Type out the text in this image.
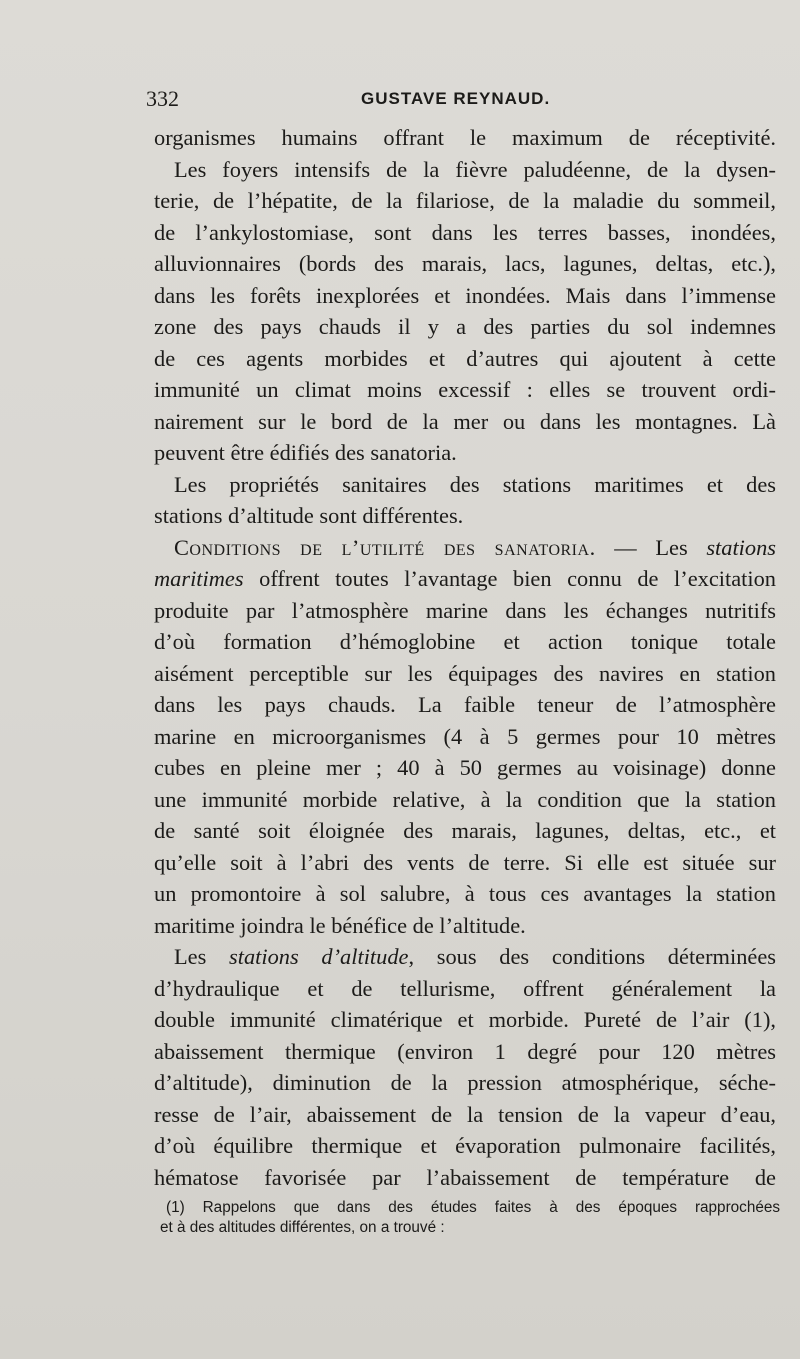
332	GUSTAVE REYNAUD.
organismes humains offrant le maximum de réceptivité.
Les foyers intensifs de la fièvre paludéenne, de la dysen-
terie, de l’hépatite, de la filariose, de la maladie du sommeil,
de l’ankylostomiase, sont dans les terres basses, inondées,
alluvionnaires (bords des marais, lacs, lagunes, deltas, etc.),
dans les forêts inexplorées et inondées. Mais dans l’immense
zone des pays chauds il y a des parties du sol indemnes
de ces agents morbides et d’autres qui ajoutent à cette
immunité un climat moins excessif : elles se trouvent ordi-
nairement sur le bord de la mer ou dans les montagnes. Là
peuvent être édifiés des sanatoria.
Les propriétés sanitaires des stations maritimes et des
stations d’altitude sont différentes.
Conditions de l’utilité des sanatoria. — Les stations
maritimes offrent toutes l’avantage bien connu de l’excitation
produite par l’atmosphère marine dans les échanges nutritifs
d’où formation d’hémoglobine et action tonique totale
aisément perceptible sur les équipages des navires en station
dans les pays chauds. La faible teneur de l’atmosphère
marine en microorganismes (4 à 5 germes pour 10 mètres
cubes en pleine mer ; 40 à 50 germes au voisinage) donne
une immunité morbide relative, à la condition que la station
de santé soit éloignée des marais, lagunes, deltas, etc., et
qu’elle soit à l’abri des vents de terre. Si elle est située sur
un promontoire à sol salubre, à tous ces avantages la station
maritime joindra le bénéfice de l’altitude.
Les stations d’altitude, sous des conditions déterminées
d’hydraulique et de tellurisme, offrent généralement la
double immunité climatérique et morbide. Pureté de l’air (1),
abaissement thermique (environ 1 degré pour 120 mètres
d’altitude), diminution de la pression atmosphérique, séche-
resse de l’air, abaissement de la tension de la vapeur d’eau,
d’où équilibre thermique et évaporation pulmonaire facilités,
hématose favorisée par l’abaissement de température de
(1) Rappelons que dans des études faites à des époques rapprochées
et à des altitudes différentes, on a trouvé :
